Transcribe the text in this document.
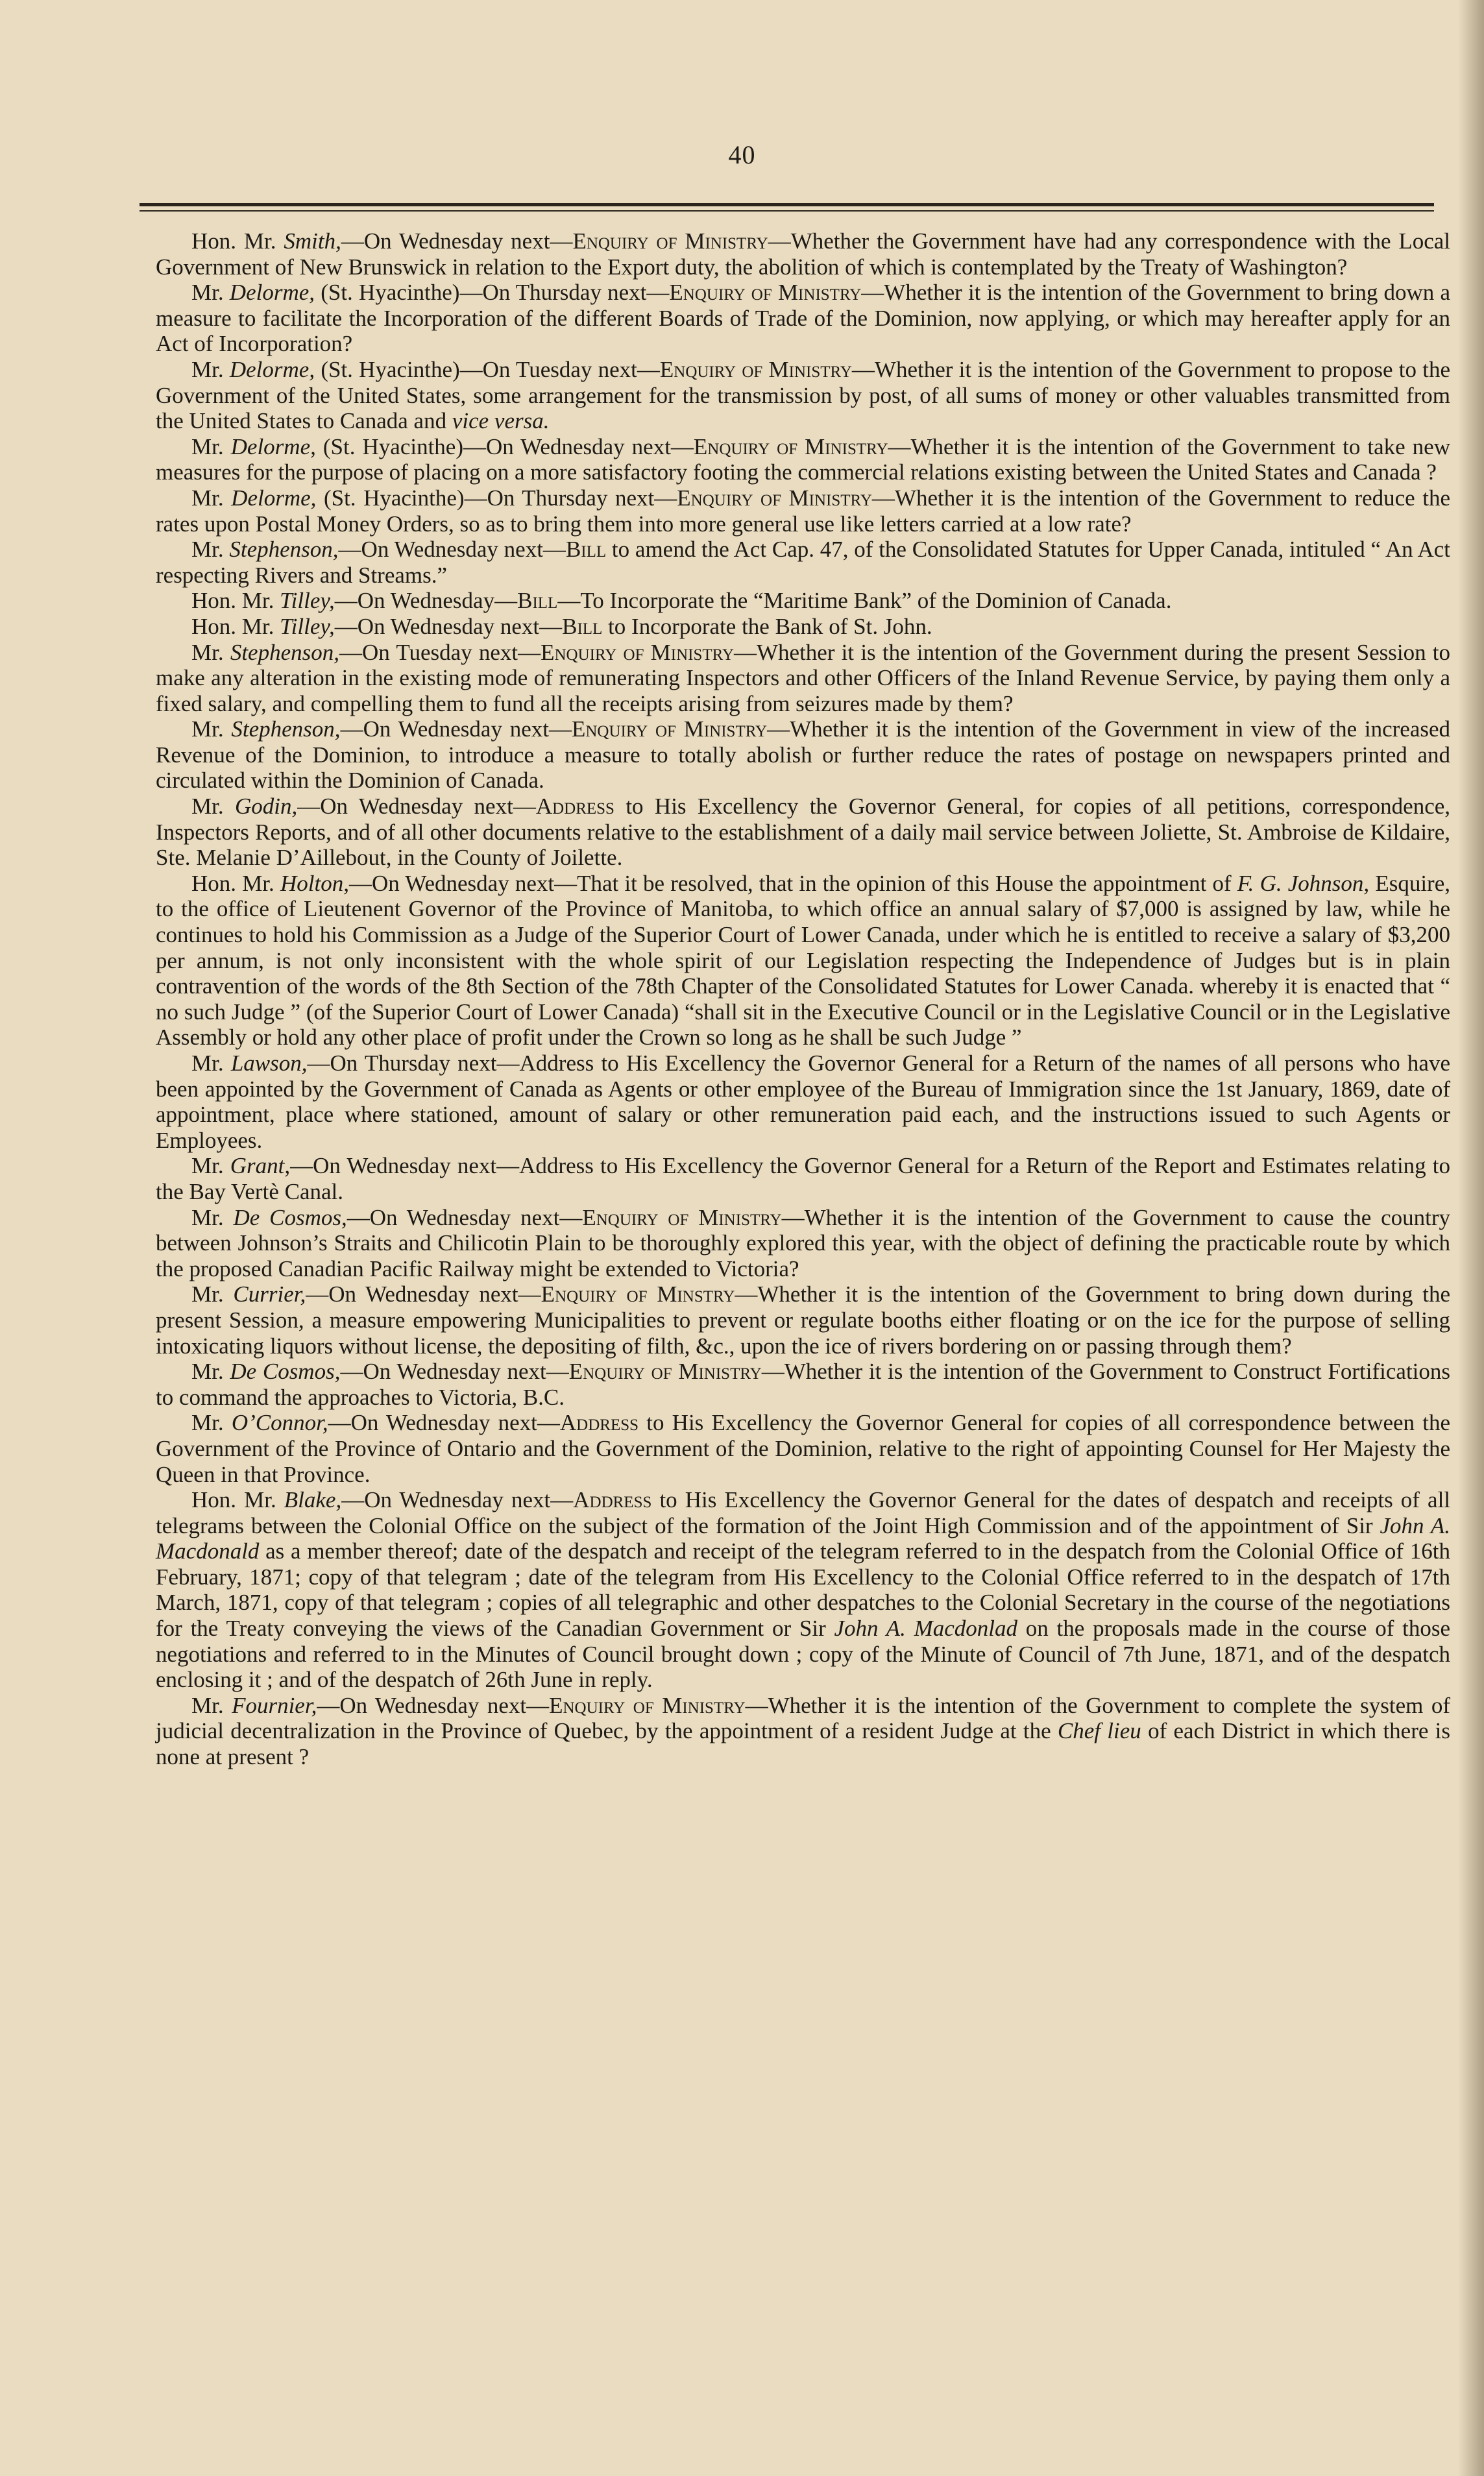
40

Hon. Mr. Smith,—On Wednesday next—Enquiry of Ministry—Whether the Government have had any correspondence with the Local Government of New Brunswick in relation to the Export duty, the abolition of which is contemplated by the Treaty of Washington?

Mr. Delorme, (St. Hyacinthe)—On Thursday next—Enquiry of Ministry—Whether it is the intention of the Government to bring down a measure to facilitate the Incorporation of the different Boards of Trade of the Dominion, now applying, or which may hereafter apply for an Act of Incorporation?

Mr. Delorme, (St. Hyacinthe)—On Tuesday next—Enquiry of Ministry—Whether it is the intention of the Government to propose to the Government of the United States, some arrangement for the transmission by post, of all sums of money or other valuables transmitted from the United States to Canada and vice versa.

Mr. Delorme, (St. Hyacinthe)—On Wednesday next—Enquiry of Ministry—Whether it is the intention of the Government to take new measures for the purpose of placing on a more satisfactory footing the commercial relations existing between the United States and Canada ?

Mr. Delorme, (St. Hyacinthe)—On Thursday next—Enquiry of Ministry—Whether it is the intention of the Government to reduce the rates upon Postal Money Orders, so as to bring them into more general use like letters carried at a low rate?

Mr. Stephenson,—On Wednesday next—Bill to amend the Act Cap. 47, of the Consolidated Statutes for Upper Canada, intituled “ An Act respecting Rivers and Streams.”

Hon. Mr. Tilley,—On Wednesday—Bill—To Incorporate the “Maritime Bank” of the Dominion of Canada.

Hon. Mr. Tilley,—On Wednesday next—Bill to Incorporate the Bank of St. John.

Mr. Stephenson,—On Tuesday next—Enquiry of Ministry—Whether it is the intention of the Government during the present Session to make any alteration in the existing mode of remunerating Inspectors and other Officers of the Inland Revenue Service, by paying them only a fixed salary, and compelling them to fund all the receipts arising from seizures made by them?

Mr. Stephenson,—On Wednesday next—Enquiry of Ministry—Whether it is the intention of the Government in view of the increased Revenue of the Dominion, to introduce a measure to totally abolish or further reduce the rates of postage on newspapers printed and circulated within the Dominion of Canada.

Mr. Godin,—On Wednesday next—Address to His Excellency the Governor General, for copies of all petitions, correspondence, Inspectors Reports, and of all other documents relative to the establishment of a daily mail service between Joliette, St. Ambroise de Kildaire, Ste. Melanie D’Aillebout, in the County of Joilette.

Hon. Mr. Holton,—On Wednesday next—That it be resolved, that in the opinion of this House the appointment of F. G. Johnson, Esquire, to the office of Lieutenent Governor of the Province of Manitoba, to which office an annual salary of $7,000 is assigned by law, while he continues to hold his Commission as a Judge of the Superior Court of Lower Canada, under which he is entitled to receive a salary of $3,200 per annum, is not only inconsistent with the whole spirit of our Legislation respecting the Independence of Judges but is in plain contravention of the words of the 8th Section of the 78th Chapter of the Consolidated Statutes for Lower Canada. whereby it is enacted that “ no such Judge ” (of the Superior Court of Lower Canada) “shall sit in the Executive Council or in the Legislative Council or in the Legislative Assembly or hold any other place of profit under the Crown so long as he shall be such Judge ”

Mr. Lawson,—On Thursday next—Address to His Excellency the Governor General for a Return of the names of all persons who have been appointed by the Government of Canada as Agents or other employee of the Bureau of Immigration since the 1st January, 1869, date of appointment, place where stationed, amount of salary or other remuneration paid each, and the instructions issued to such Agents or Employees.

Mr. Grant,—On Wednesday next—Address to His Excellency the Governor General for a Return of the Report and Estimates relating to the Bay Vertè Canal.

Mr. De Cosmos,—On Wednesday next—Enquiry of Ministry—Whether it is the intention of the Government to cause the country between Johnson’s Straits and Chilicotin Plain to be thoroughly explored this year, with the object of defining the practicable route by which the proposed Canadian Pacific Railway might be extended to Victoria?

Mr. Currier,—On Wednesday next—Enquiry of Minstry—Whether it is the intention of the Government to bring down during the present Session, a measure empowering Municipalities to prevent or regulate booths either floating or on the ice for the purpose of selling intoxicating liquors without license, the depositing of filth, &c., upon the ice of rivers bordering on or passing through them?

Mr. De Cosmos,—On Wednesday next—Enquiry of Ministry—Whether it is the intention of the Government to Construct Fortifications to command the approaches to Victoria, B.C.

Mr. O’Connor,—On Wednesday next—Address to His Excellency the Governor General for copies of all correspondence between the Government of the Province of Ontario and the Government of the Dominion, relative to the right of appointing Counsel for Her Majesty the Queen in that Province.

Hon. Mr. Blake,—On Wednesday next—Address to His Excellency the Governor General for the dates of despatch and receipts of all telegrams between the Colonial Office on the subject of the formation of the Joint High Commission and of the appointment of Sir John A. Macdonald as a member thereof; date of the despatch and receipt of the telegram referred to in the despatch from the Colonial Office of 16th February, 1871; copy of that telegram ; date of the telegram from His Excellency to the Colonial Office referred to in the despatch of 17th March, 1871, copy of that telegram ; copies of all telegraphic and other despatches to the Colonial Secretary in the course of the negotiations for the Treaty conveying the views of the Canadian Government or Sir John A. Macdonlad on the proposals made in the course of those negotiations and referred to in the Minutes of Council brought down ; copy of the Minute of Council of 7th June, 1871, and of the despatch enclosing it ; and of the despatch of 26th June in reply.

Mr. Fournier,—On Wednesday next—Enquiry of Ministry—Whether it is the intention of the Government to complete the system of judicial decentralization in the Province of Quebec, by the appointment of a resident Judge at the Chef lieu of each District in which there is none at present ?
